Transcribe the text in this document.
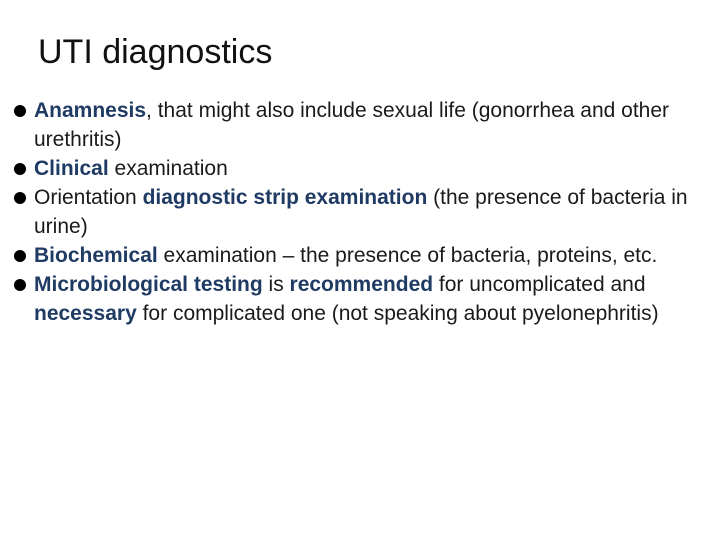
UTI diagnostics
Anamnesis, that might also include sexual life (gonorrhea and other urethritis)
Clinical examination
Orientation diagnostic strip examination (the presence of bacteria in urine)
Biochemical examination – the presence of bacteria, proteins, etc.
Microbiological testing is recommended for uncomplicated and necessary for complicated one (not speaking about pyelonephritis)
